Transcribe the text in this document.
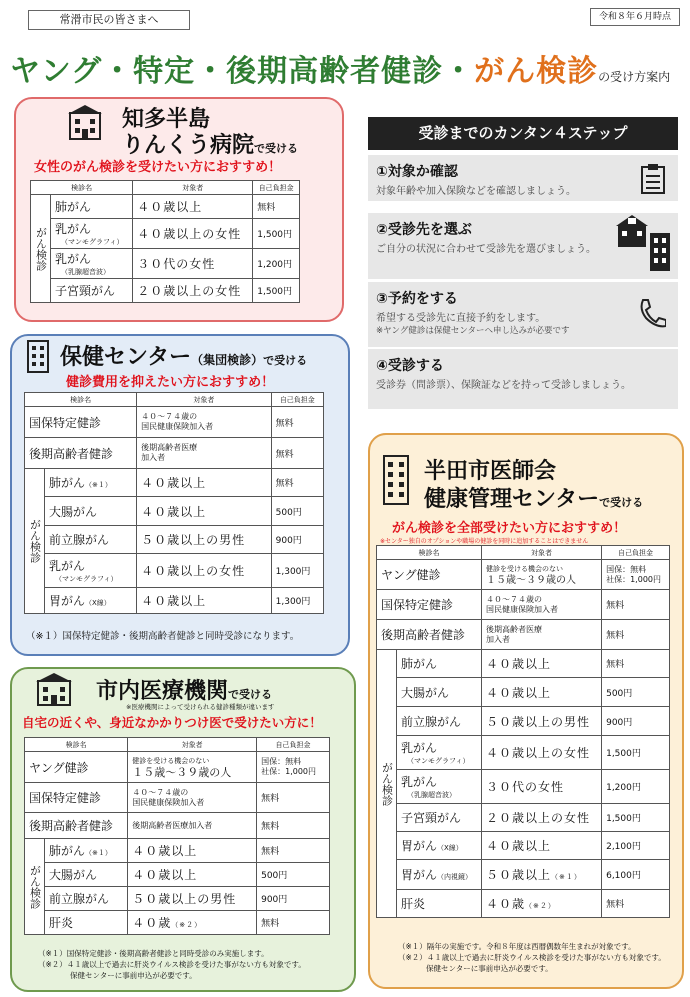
常滑市民の皆さまへ	令和８年６月時点
ヤング・特定・後期高齢者健診・がん検診の受け方案内
知多半島
りんくう病院で受ける
女性のがん検診を受けたい方におすすめ！
検診名		対象者	自己負担金
がん検診	肺がん	４０歳以上	無料
	乳がん
（マンモグラフィ）	４０歳以上の女性	1,500円
	乳がん
（乳腺超音波）	３０代の女性	1,200円
	子宮頸がん	２０歳以上の女性	1,500円
受診までのカンタン４ステップ
①対象か確認
対象年齢や加入保険などを確認しましょう。
②受診先を選ぶ
ご自分の状況に合わせて受診先を選びましょう。
③予約をする
希望する受診先に直接予約をします。
※ヤング健診は保健センターへ申し込みが必要です
④受診する
受診券（問診票）、保険証などを持って受診しましょう。
保健センター（集団検診）で受ける
健診費用を抑えたい方におすすめ！
検診名		対象者	自己負担金
国保特定健診		４０～７４歳の
国民健康保険加入者	無料
後期高齢者健診		後期高齢者医療
加入者	無料
がん検診	肺がん（※１）	４０歳以上	無料
	大腸がん	４０歳以上	500円
	前立腺がん	５０歳以上の男性	900円
	乳がん
（マンモグラフィ）	４０歳以上の女性	1,300円
	胃がん（X線）	４０歳以上	1,300円
（※１）国保特定健診・後期高齢者健診と同時受診になります。
市内医療機関で受ける
※医療機関によって受けられる健診種類が違います
自宅の近くや、身近なかかりつけ医で受けたい方に！
検診名		対象者	自己負担金
ヤング健診		健診を受ける機会のない
１５歳～３９歳の人	国保：無料
社保：1,000円
国保特定健診		４０～７４歳の
国民健康保険加入者	無料
後期高齢者健診		後期高齢者医療加入者	無料
がん検診	肺がん（※１）	４０歳以上	無料
	大腸がん	４０歳以上	500円
	前立腺がん	５０歳以上の男性	900円
	肝炎	４０歳（※２）	無料
（※１）国保特定健診・後期高齢者健診と同時受診のみ実施します。
（※２）４１歳以上で過去に肝炎ウイルス検診を受けた事がない方も対象です。
保健センターに事前申込が必要です。
半田市医師会
健康管理センターで受ける
がん検診を全部受けたい方におすすめ！
※センター独自のオプションや職場の健診を同時に追加することはできません
検診名		対象者	自己負担金
ヤング健診		健診を受ける機会のない
１５歳～３９歳の人	国保：無料
社保：1,000円
国保特定健診		４０～７４歳の
国民健康保険加入者	無料
後期高齢者健診		後期高齢者医療
加入者	無料
がん検診	肺がん	４０歳以上	無料
	大腸がん	４０歳以上	500円
	前立腺がん	５０歳以上の男性	900円
	乳がん
（マンモグラフィ）	４０歳以上の女性	1,500円
	乳がん
（乳腺超音波）	３０代の女性	1,200円
	子宮頸がん	２０歳以上の女性	1,500円
	胃がん（X線）	４０歳以上	2,100円
	胃がん（内視鏡）	５０歳以上（※１）	6,100円
	肝炎	４０歳（※２）	無料
（※１）隔年の実施です。令和８年度は西暦偶数年生まれが対象です。
（※２）４１歳以上で過去に肝炎ウイルス検診を受けた事がない方も対象です。
保健センターに事前申込が必要です。
